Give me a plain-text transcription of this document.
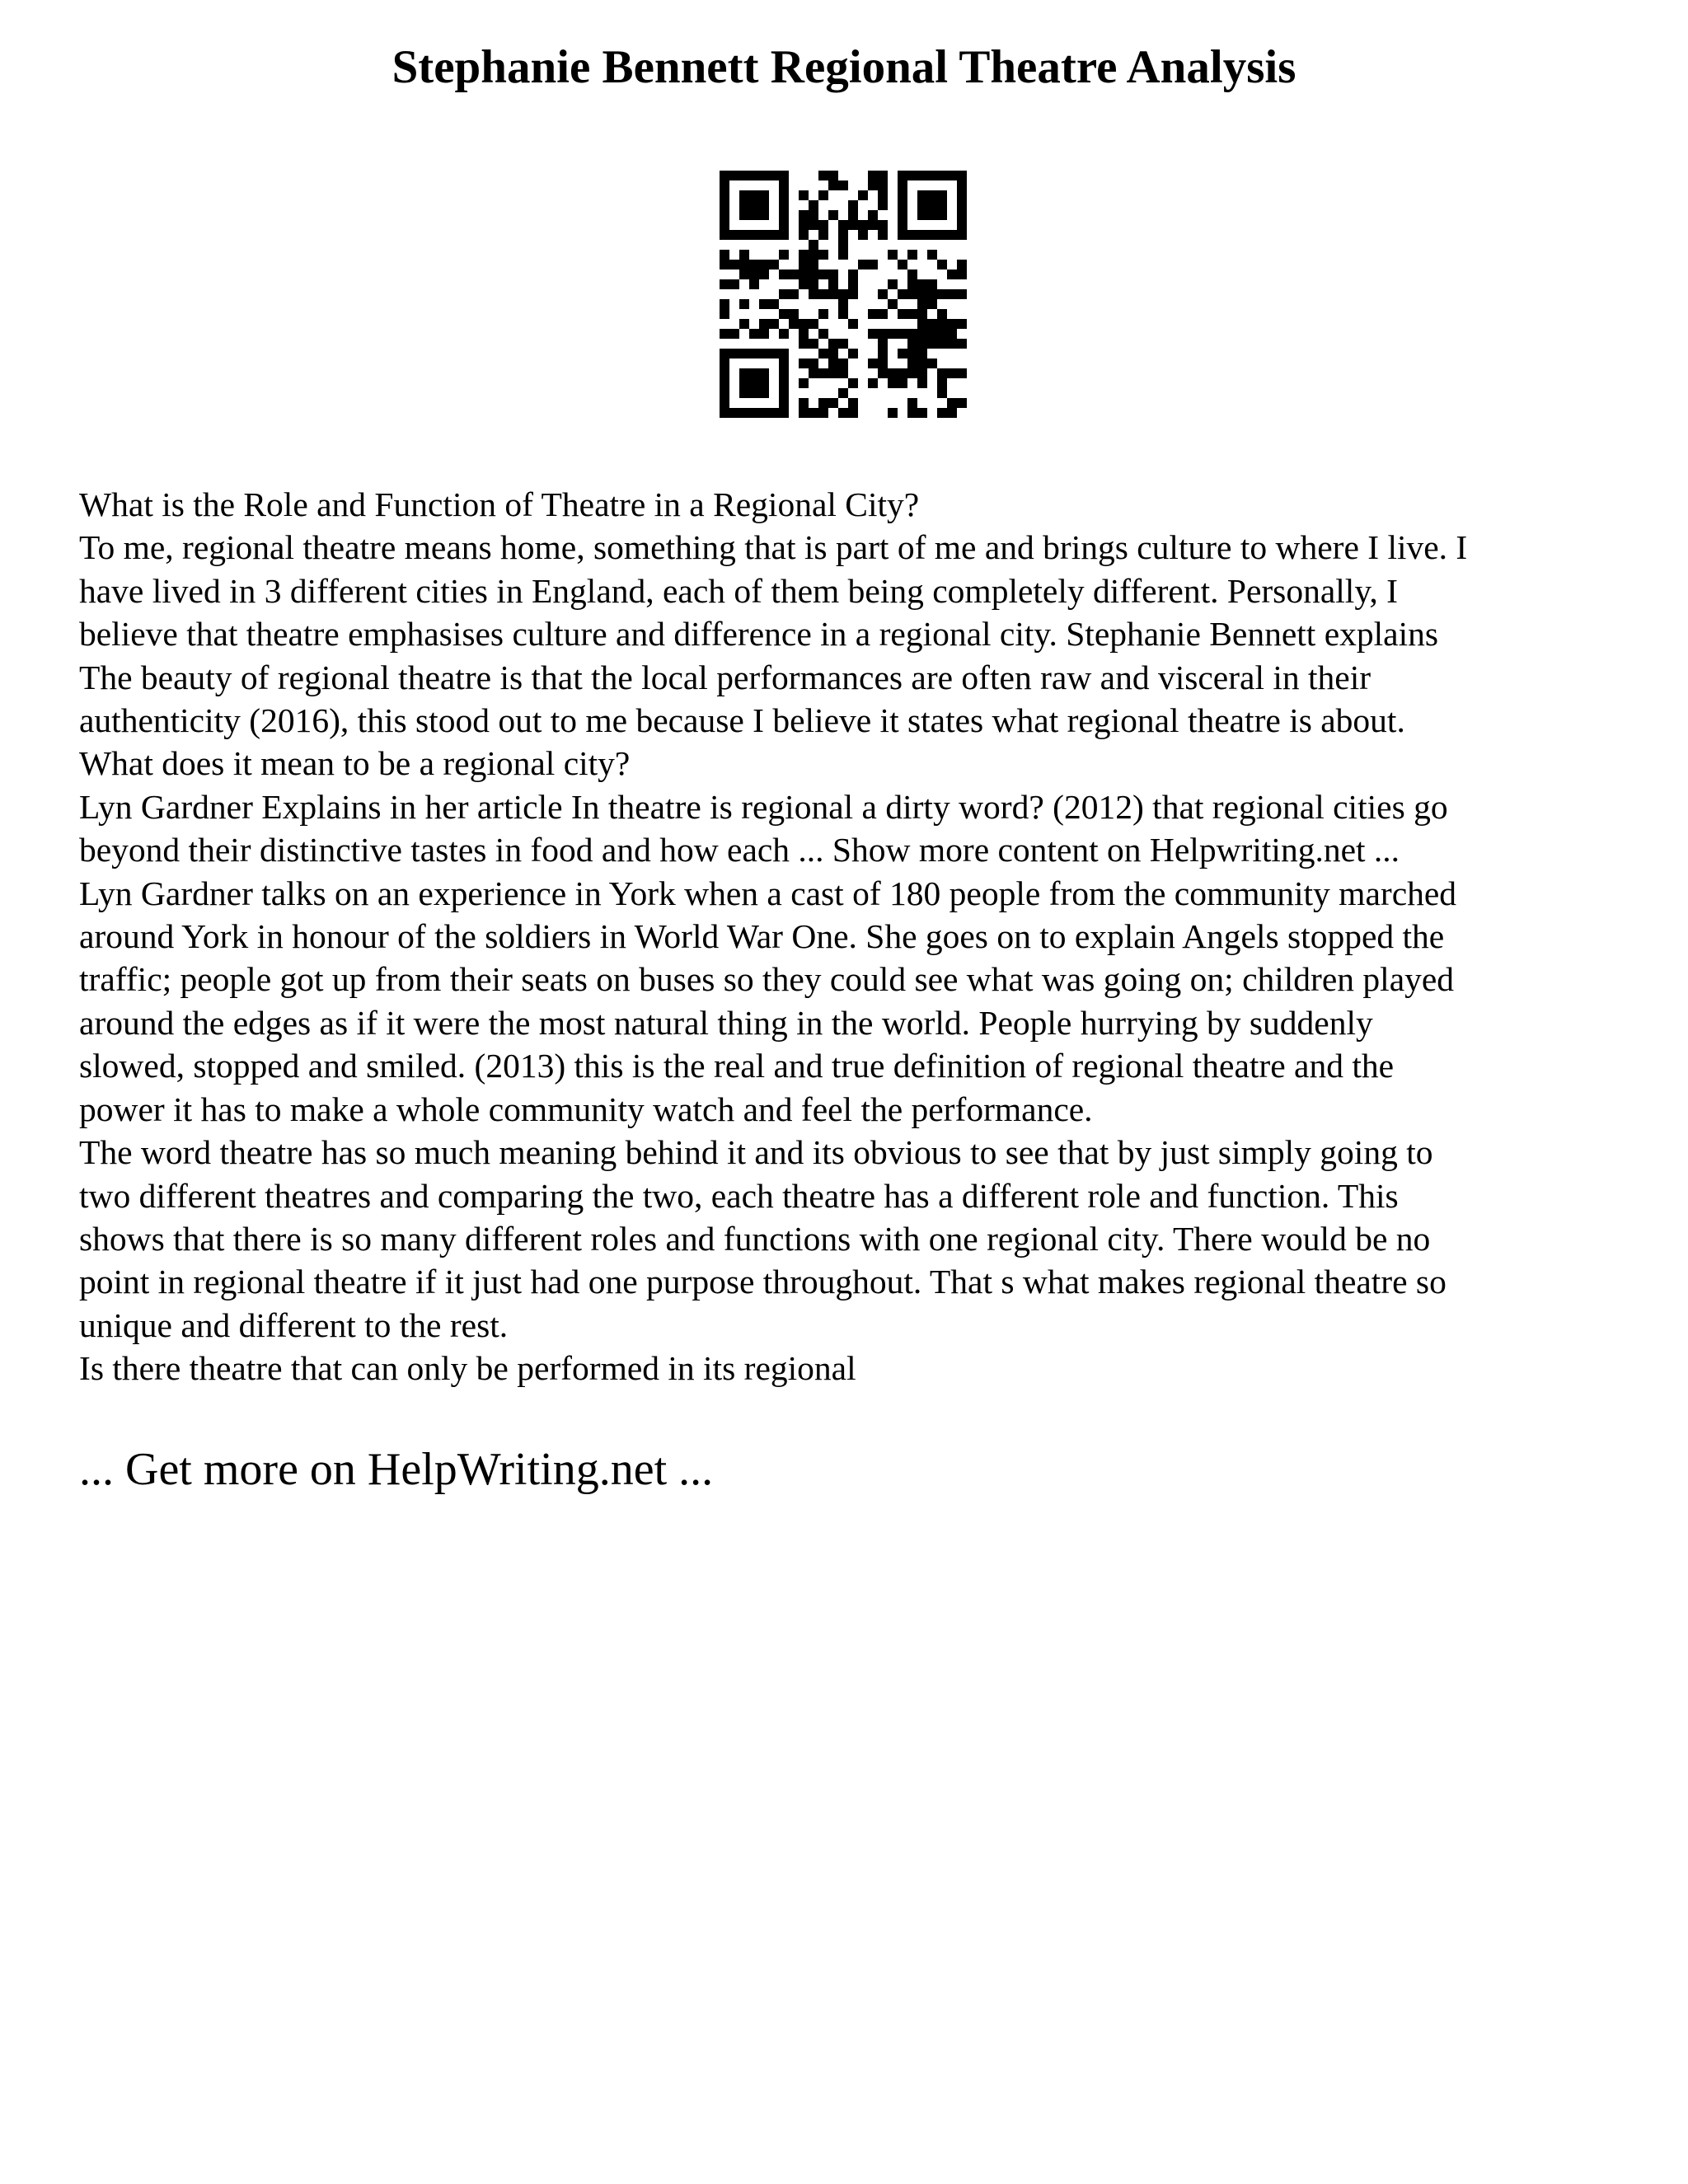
Stephanie Bennett Regional Theatre Analysis
What is the Role and Function of Theatre in a Regional City?
To me, regional theatre means home, something that is part of me and brings culture to where I live. I
have lived in 3 different cities in England, each of them being completely different. Personally, I
believe that theatre emphasises culture and difference in a regional city. Stephanie Bennett explains
The beauty of regional theatre is that the local performances are often raw and visceral in their
authenticity (2016), this stood out to me because I believe it states what regional theatre is about.
What does it mean to be a regional city?
Lyn Gardner Explains in her article In theatre is regional a dirty word? (2012) that regional cities go
beyond their distinctive tastes in food and how each ... Show more content on Helpwriting.net ...
Lyn Gardner talks on an experience in York when a cast of 180 people from the community marched
around York in honour of the soldiers in World War One. She goes on to explain Angels stopped the
traffic; people got up from their seats on buses so they could see what was going on; children played
around the edges as if it were the most natural thing in the world. People hurrying by suddenly
slowed, stopped and smiled. (2013) this is the real and true definition of regional theatre and the
power it has to make a whole community watch and feel the performance.
The word theatre has so much meaning behind it and its obvious to see that by just simply going to
two different theatres and comparing the two, each theatre has a different role and function. This
shows that there is so many different roles and functions with one regional city. There would be no
point in regional theatre if it just had one purpose throughout. That s what makes regional theatre so
unique and different to the rest.
Is there theatre that can only be performed in its regional
... Get more on HelpWriting.net ...
